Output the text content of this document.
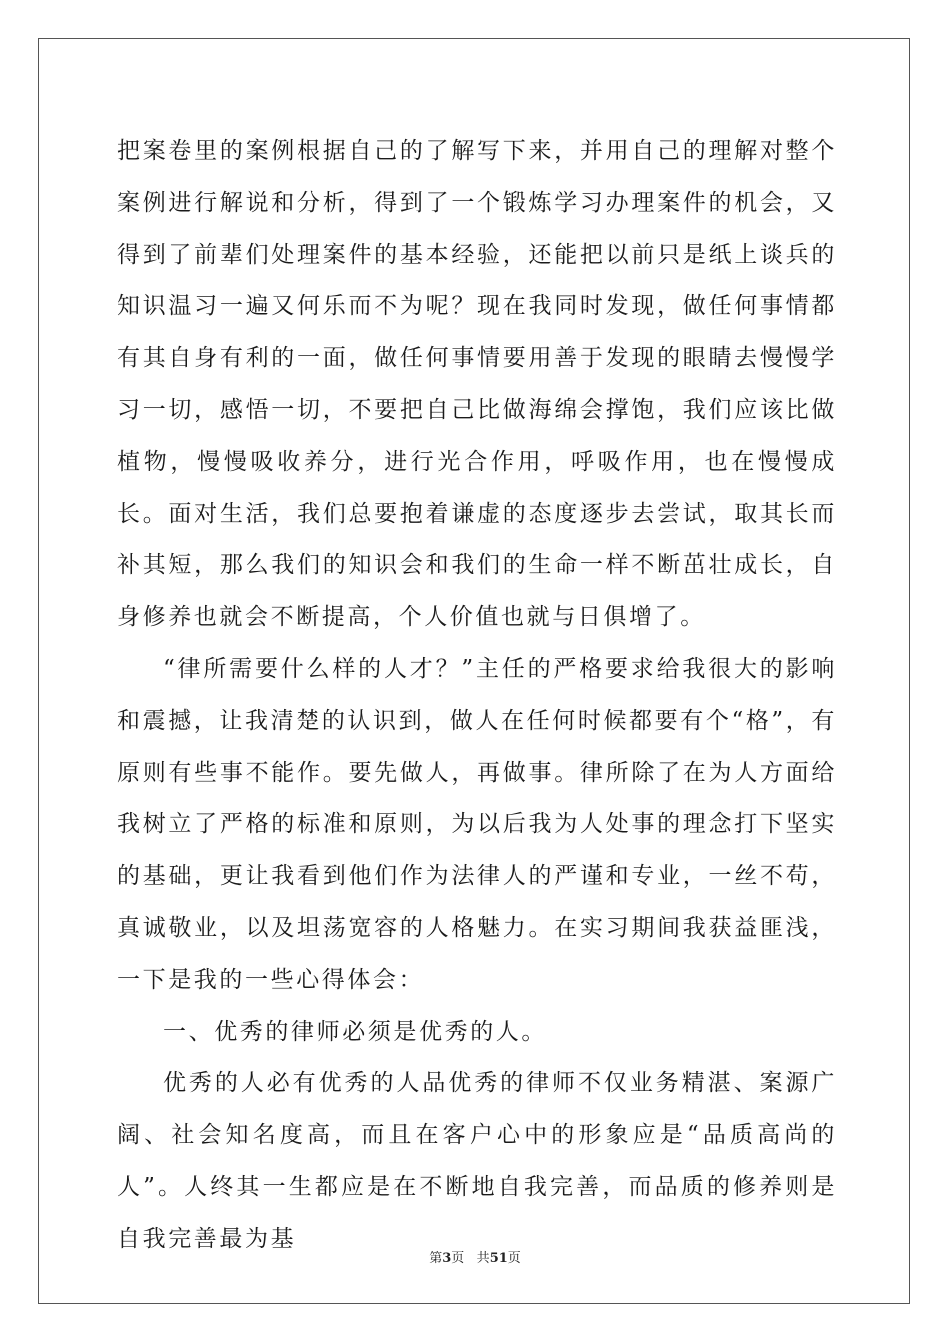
把案卷里的案例根据自己的了解写下来，并用自己的理解对整个案例进行解说和分析，得到了一个锻炼学习办理案件的机会，又得到了前辈们处理案件的基本经验，还能把以前只是纸上谈兵的知识温习一遍又何乐而不为呢？现在我同时发现，做任何事情都有其自身有利的一面，做任何事情要用善于发现的眼睛去慢慢学习一切，感悟一切，不要把自己比做海绵会撑饱，我们应该比做植物，慢慢吸收养分，进行光合作用，呼吸作用，也在慢慢成长。面对生活，我们总要抱着谦虚的态度逐步去尝试，取其长而补其短，那么我们的知识会和我们的生命一样不断茁壮成长，自身修养也就会不断提高，个人价值也就与日俱增了。

“律所需要什么样的人才？”主任的严格要求给我很大的影响和震撼，让我清楚的认识到，做人在任何时候都要有个“格”，有原则有些事不能作。要先做人，再做事。律所除了在为人方面给我树立了严格的标准和原则，为以后我为人处事的理念打下坚实的基础，更让我看到他们作为法律人的严谨和专业，一丝不苟，真诚敬业，以及坦荡宽容的人格魅力。在实习期间我获益匪浅，一下是我的一些心得体会：

一、优秀的律师必须是优秀的人。

优秀的人必有优秀的人品优秀的律师不仅业务精湛、案源广阔、社会知名度高，而且在客户心中的形象应是“品质高尚的人”。人终其一生都应是在不断地自我完善，而品质的修养则是自我完善最为基

第3页 共51页
